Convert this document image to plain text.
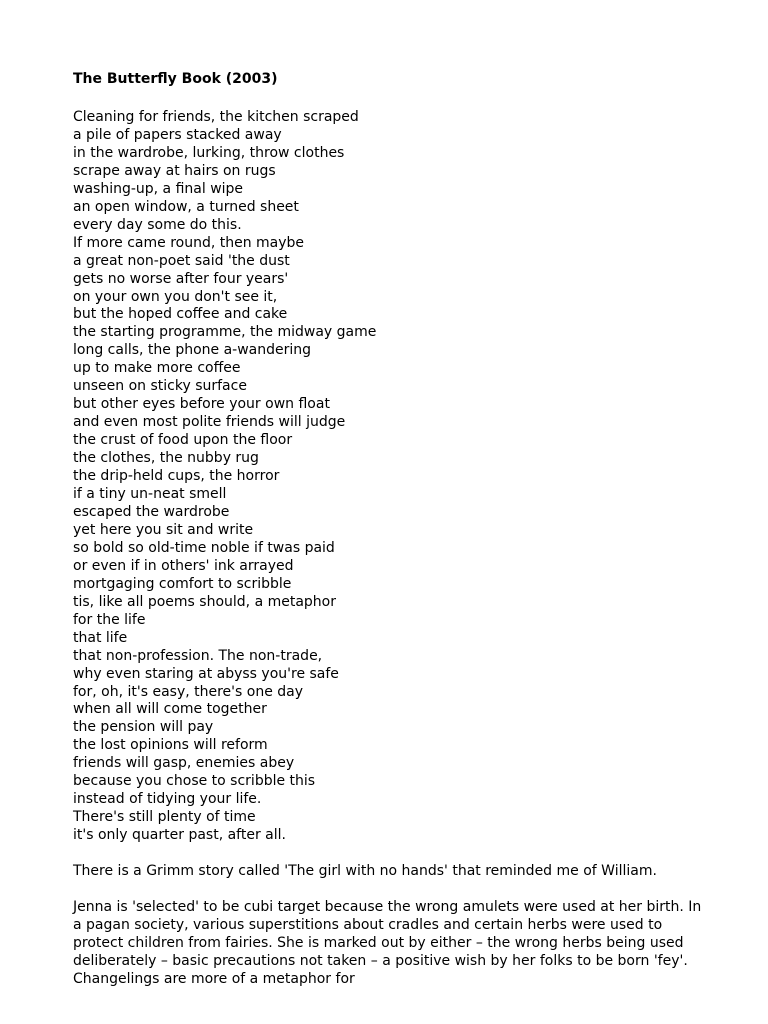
The Butterfly Book (2003)
Cleaning for friends, the kitchen scraped
a pile of papers stacked away
in the wardrobe, lurking, throw clothes
scrape away at hairs on rugs
washing-up, a final wipe
an open window, a turned sheet
every day some do this.
If more came round, then maybe
a great non-poet said 'the dust
gets no worse after four years'
on your own you don't see it,
but the hoped coffee and cake
the starting programme, the midway game
long calls, the phone a-wandering
up to make more coffee
unseen on sticky surface
but other eyes before your own float
and even most polite friends will judge
the crust of food upon the floor
the clothes, the nubby rug
the drip-held cups, the horror
if a tiny un-neat smell
escaped the wardrobe
yet here you sit and write
so bold so old-time noble if twas paid
or even if in others' ink arrayed
mortgaging comfort to scribble
tis, like all poems should, a metaphor
for the life
that life
that non-profession. The non-trade,
why even staring at abyss you're safe
for, oh, it's easy, there's one day
when all will come together
the pension will pay
the lost opinions will reform
friends will gasp, enemies abey
because you chose to scribble this
instead of tidying your life.
There's still plenty of time
it's only quarter past, after all.

There is a Grimm story called 'The girl with no hands' that reminded me of William.

Jenna is 'selected' to be cubi target because the wrong amulets were used at her birth. In a pagan society, various superstitions about cradles and certain herbs were used to protect children from fairies. She is marked out by either – the wrong herbs being used deliberately – basic precautions not taken – a positive wish by her folks to be born 'fey'. Changelings are more of a metaphor for
